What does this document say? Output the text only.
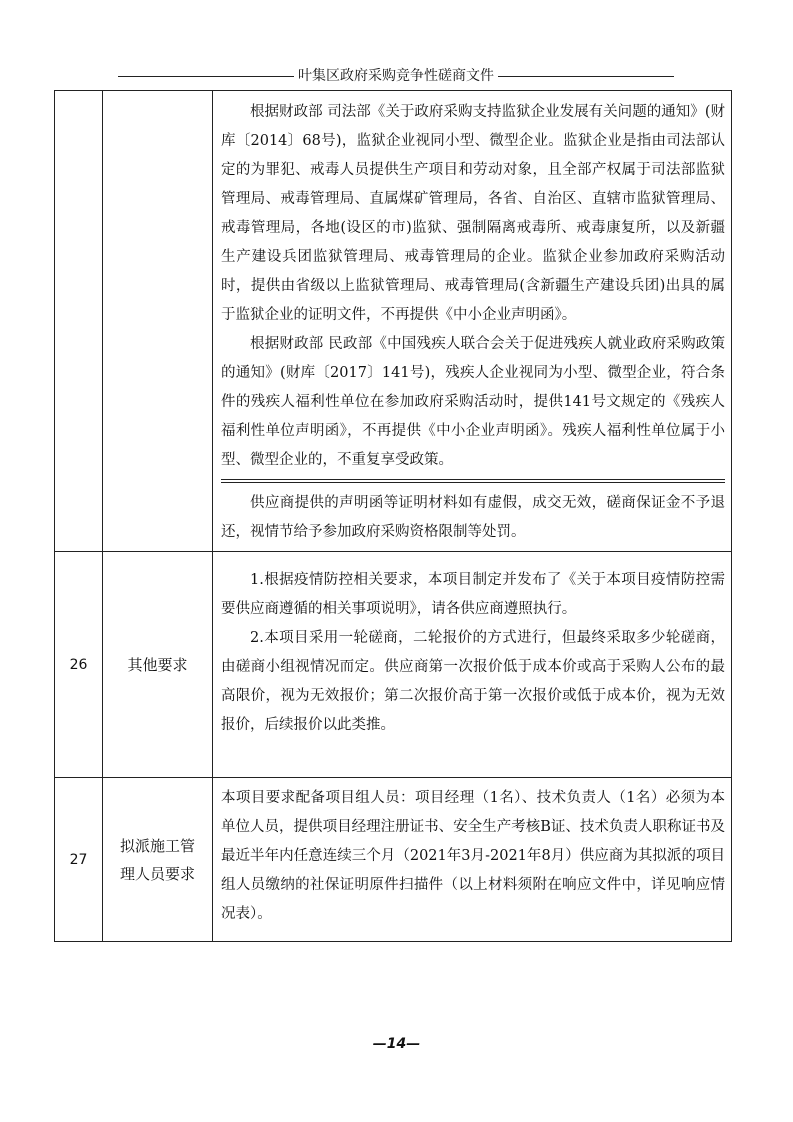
叶集区政府采购竞争性磋商文件

		根据财政部 司法部《关于政府采购支持监狱企业发展有关问题的通知》(财库〔2014〕68号)，监狱企业视同小型、微型企业。监狱企业是指由司法部认定的为罪犯、戒毒人员提供生产项目和劳动对象，且全部产权属于司法部监狱管理局、戒毒管理局、直属煤矿管理局，各省、自治区、直辖市监狱管理局、戒毒管理局，各地(设区的市)监狱、强制隔离戒毒所、戒毒康复所，以及新疆生产建设兵团监狱管理局、戒毒管理局的企业。监狱企业参加政府采购活动时，提供由省级以上监狱管理局、戒毒管理局(含新疆生产建设兵团)出具的属于监狱企业的证明文件，不再提供《中小企业声明函》。

根据财政部 民政部《中国残疾人联合会关于促进残疾人就业政府采购政策的通知》(财库〔2017〕141号)，残疾人企业视同为小型、微型企业，符合条件的残疾人福利性单位在参加政府采购活动时，提供141号文规定的《残疾人福利性单位声明函》，不再提供《中小企业声明函》。残疾人福利性单位属于小型、微型企业的，不重复享受政策。

供应商提供的声明函等证明材料如有虚假，成交无效，磋商保证金不予退还，视情节给予参加政府采购资格限制等处罚。

26	其他要求	1.根据疫情防控相关要求，本项目制定并发布了《关于本项目疫情防控需要供应商遵循的相关事项说明》，请各供应商遵照执行。

2.本项目采用一轮磋商，二轮报价的方式进行，但最终采取多少轮磋商，由磋商小组视情况而定。供应商第一次报价低于成本价或高于采购人公布的最高限价，视为无效报价；第二次报价高于第一次报价或低于成本价，视为无效报价，后续报价以此类推。

27	拟派施工管理人员要求	本项目要求配备项目组人员：项目经理（1名）、技术负责人（1名）必须为本单位人员，提供项目经理注册证书、安全生产考核B证、技术负责人职称证书及最近半年内任意连续三个月（2021年3月-2021年8月）供应商为其拟派的项目组人员缴纳的社保证明原件扫描件（以上材料须附在响应文件中，详见响应情况表）。

—14—
